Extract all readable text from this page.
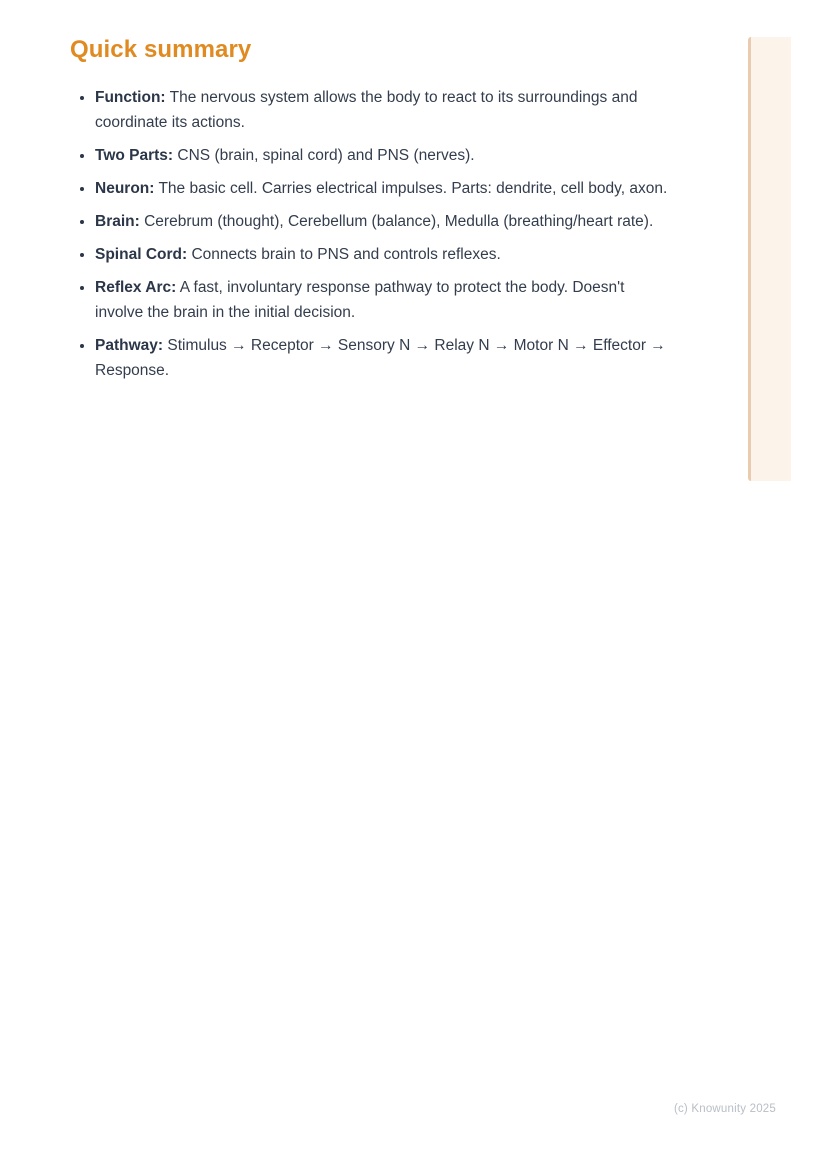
Quick summary
• Function: The nervous system allows the body to react to its surroundings and coordinate its actions.
• Two Parts: CNS (brain, spinal cord) and PNS (nerves).
• Neuron: The basic cell. Carries electrical impulses. Parts: dendrite, cell body, axon.
• Brain: Cerebrum (thought), Cerebellum (balance), Medulla (breathing/heart rate).
• Spinal Cord: Connects brain to PNS and controls reflexes.
• Reflex Arc: A fast, involuntary response pathway to protect the body. Doesn't involve the brain in the initial decision.
• Pathway: Stimulus → Receptor → Sensory N → Relay N → Motor N → Effector → Response.
(c) Knowunity 2025
